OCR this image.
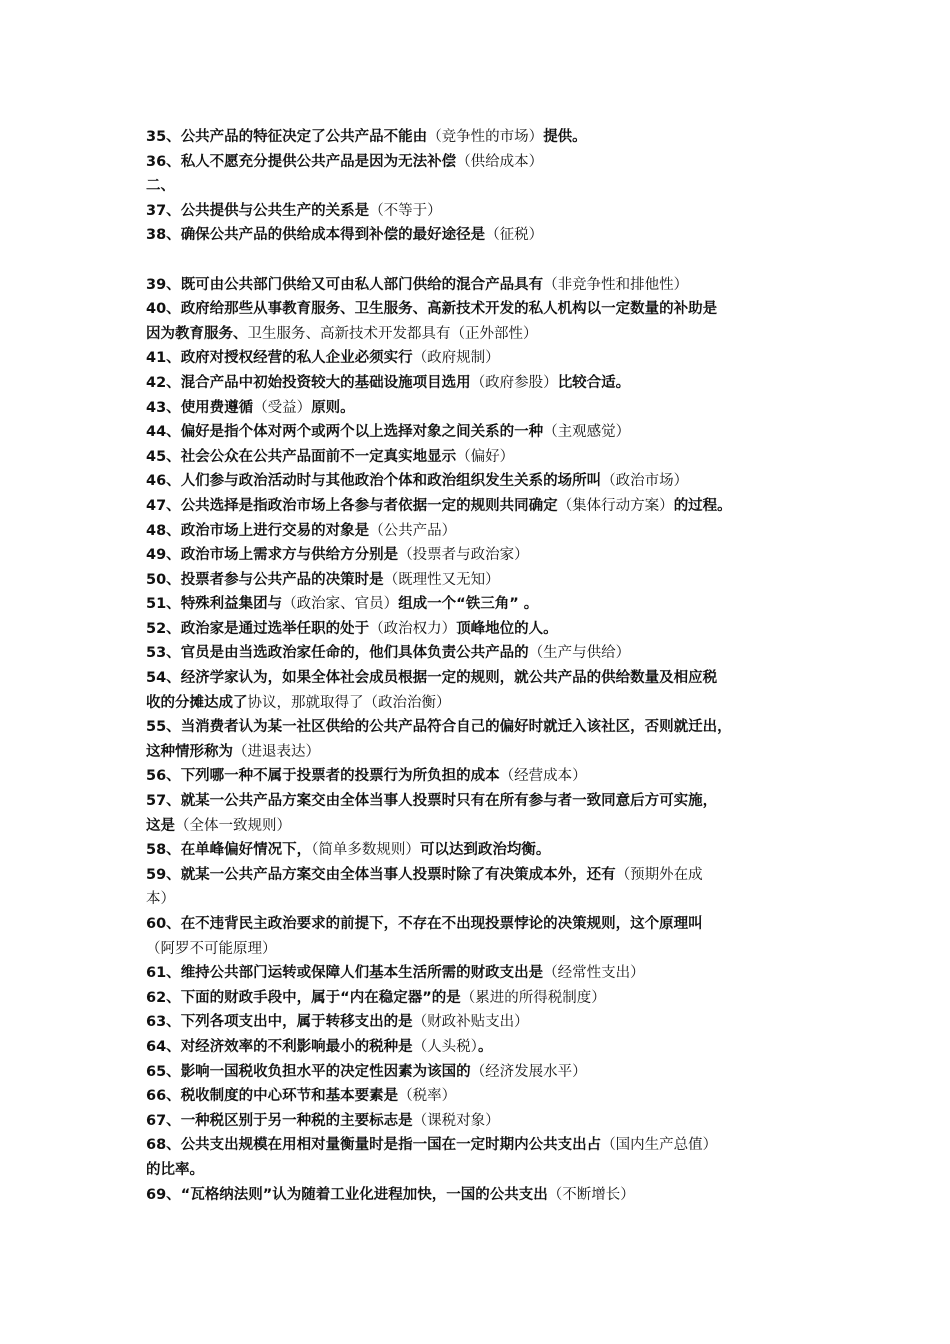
35、公共产品的特征决定了公共产品不能由（竞争性的市场）提供。
36、私人不愿充分提供公共产品是因为无法补偿（供给成本）
二、
37、公共提供与公共生产的关系是（不等于）
38、确保公共产品的供给成本得到补偿的最好途径是（征税）
39、既可由公共部门供给又可由私人部门供给的混合产品具有（非竞争性和排他性）
40、政府给那些从事教育服务、卫生服务、高新技术开发的私人机构以一定数量的补助是
因为教育服务、卫生服务、高新技术开发都具有（正外部性）
41、政府对授权经营的私人企业必须实行（政府规制）
42、混合产品中初始投资较大的基础设施项目选用（政府参股）比较合适。
43、使用费遵循（受益）原则。
44、偏好是指个体对两个或两个以上选择对象之间关系的一种（主观感觉）
45、社会公众在公共产品面前不一定真实地显示（偏好）
46、人们参与政治活动时与其他政治个体和政治组织发生关系的场所叫（政治市场）
47、公共选择是指政治市场上各参与者依据一定的规则共同确定（集体行动方案）的过程。
48、政治市场上进行交易的对象是（公共产品）
49、政治市场上需求方与供给方分别是（投票者与政治家）
50、投票者参与公共产品的决策时是（既理性又无知）
51、特殊利益集团与（政治家、官员）组成一个“铁三角” 。
52、政治家是通过选举任职的处于（政治权力）顶峰地位的人。
53、官员是由当选政治家任命的，他们具体负责公共产品的（生产与供给）
54、经济学家认为，如果全体社会成员根据一定的规则，就公共产品的供给数量及相应税
收的分摊达成了协议，那就取得了（政治治衡）
55、当消费者认为某一社区供给的公共产品符合自己的偏好时就迁入该社区，否则就迁出，
这种情形称为（进退表达）
56、下列哪一种不属于投票者的投票行为所负担的成本（经营成本）
57、就某一公共产品方案交由全体当事人投票时只有在所有参与者一致同意后方可实施，
这是（全体一致规则）
58、在单峰偏好情况下，（简单多数规则）可以达到政治均衡。
59、就某一公共产品方案交由全体当事人投票时除了有决策成本外，还有（预期外在成
本）
60、在不违背民主政治要求的前提下，不存在不出现投票悖论的决策规则，这个原理叫
（阿罗不可能原理）
61、维持公共部门运转或保障人们基本生活所需的财政支出是（经常性支出）
62、下面的财政手段中，属于“内在稳定器”的是（累进的所得税制度）
63、下列各项支出中，属于转移支出的是（财政补贴支出）
64、对经济效率的不利影响最小的税种是（人头税）。
65、影响一国税收负担水平的决定性因素为该国的（经济发展水平）
66、税收制度的中心环节和基本要素是（税率）
67、一种税区别于另一种税的主要标志是（课税对象）
68、公共支出规模在用相对量衡量时是指一国在一定时期内公共支出占（国内生产总值）
的比率。
69、“瓦格纳法则”认为随着工业化进程加快，一国的公共支出（不断增长）
